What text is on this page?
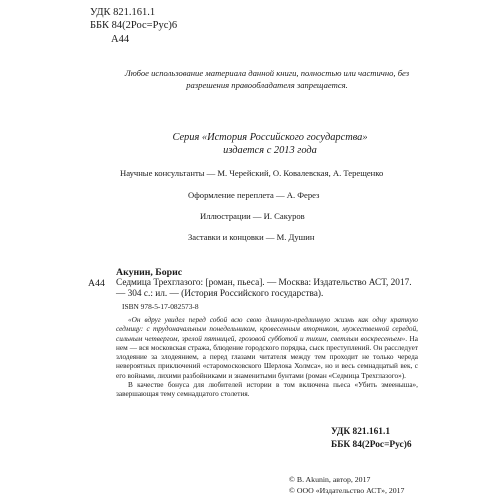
УДК 821.161.1
ББК 84(2Рос=Рус)6
А44
Любое использование материала данной книги, полностью или частично, без разрешения правообладателя запрещается.
Серия «История Российского государства»
издается с 2013 года
Научные консультанты — М. Черейский, О. Ковалевская, А. Терещенко
Оформление переплета — А. Ферез
Иллюстрации — И. Сакуров
Заставки и концовки — М. Душин
Акунин, Борис
А44 Седмица Трехглазого: [роман, пьеса]. — Москва: Издательство АСТ, 2017. — 304 с.: ил. — (История Российского государства).
ISBN 978-5-17-082573-8

«Он вдруг увидел перед собой всю свою длинную-предлинную жизнь как одну краткую седмицу: с трудоначальным понедельником, кровесенным вторником, мужественной середой, сильным четвергом, зрелой пятницей, грозовой субботой и тихим, светлым воскресеньем». На нем — вся московская стража, блюдение городского порядка, сыск преступлений. Он расследует злодеяние за злодеянием, а перед глазами читателя между тем проходит не только череда невероятных приключений «старомосковского Шерлока Холмса», но и весь семнадцатый век, с его войнами, лихими разбойниками и знаменитыми бунтами (роман «Седмица Трехглазого»).

В качестве бонуса для любителей истории в том включена пьеса «Убить змеенышa», завершающая тему семнадцатого столетия.

УДК 821.161.1
ББК 84(2Рос=Рус)6
© B. Akunin, автор, 2017
© ООО «Издательство АСТ», 2017
